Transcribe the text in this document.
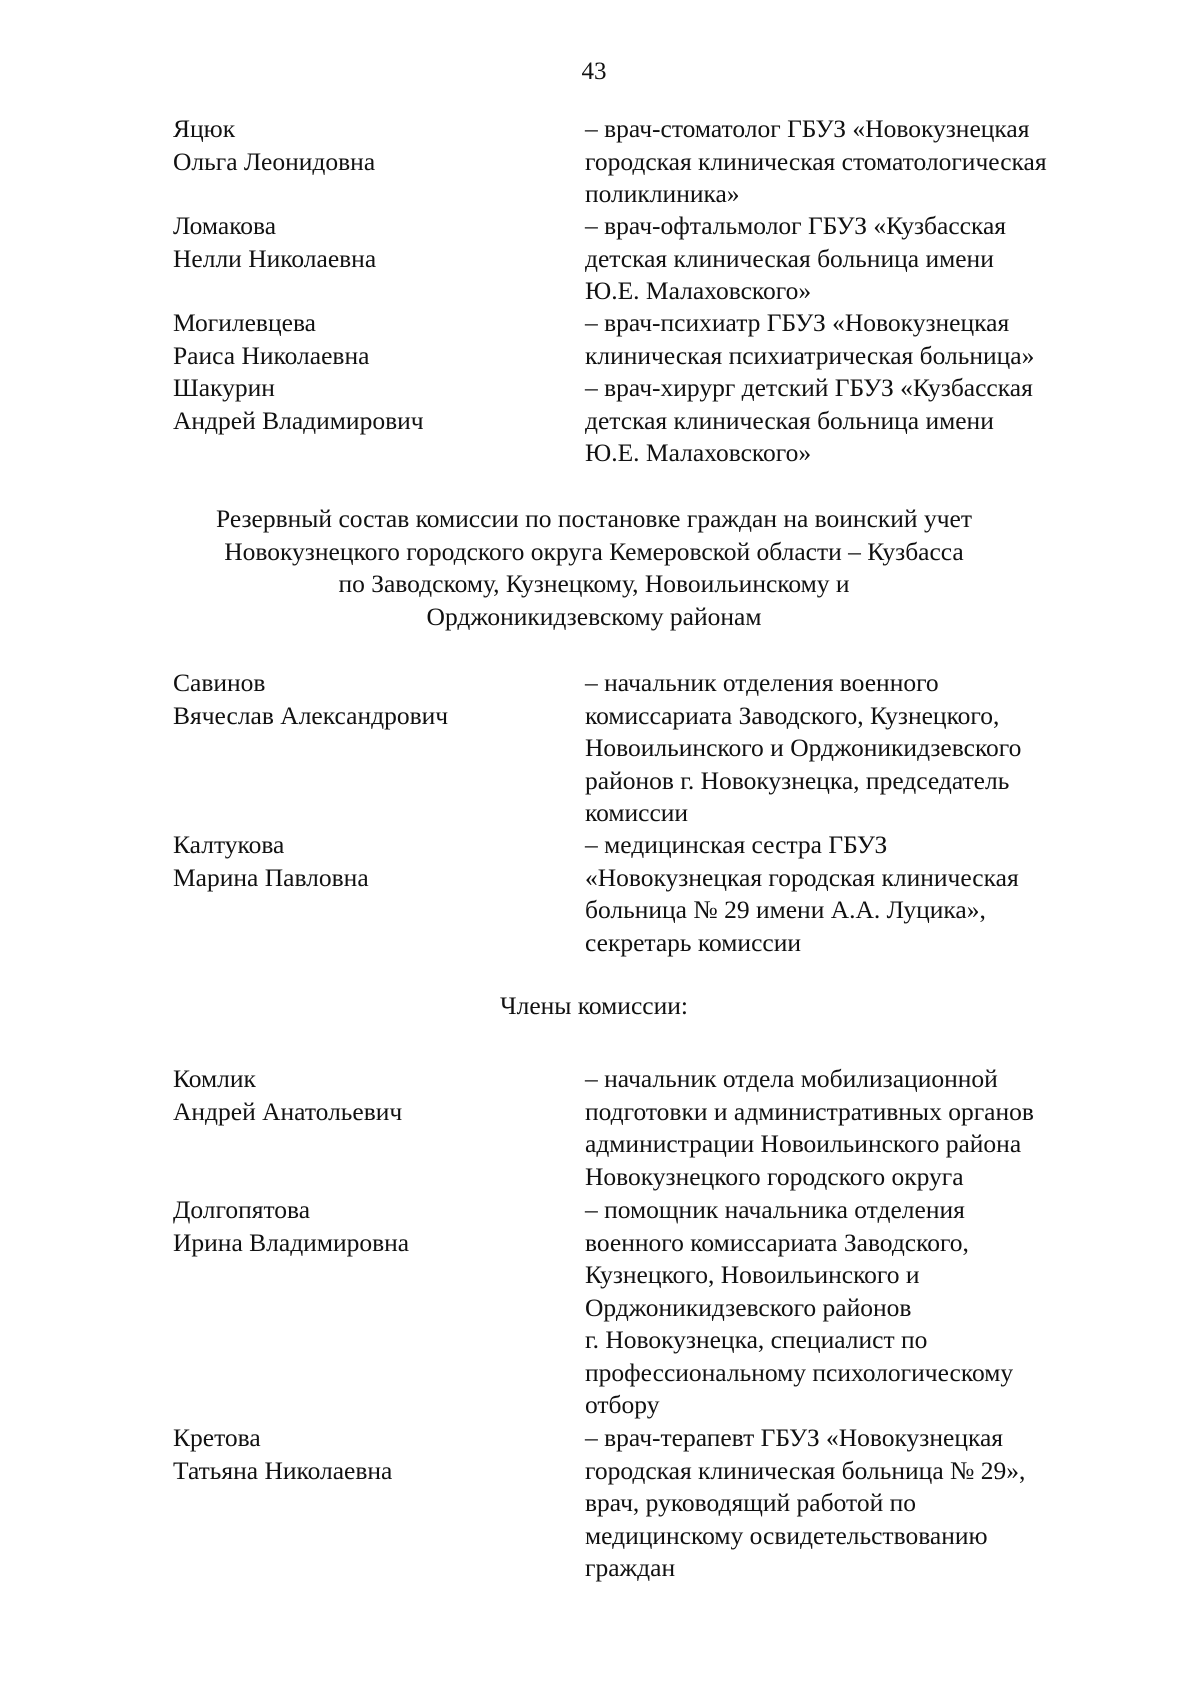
43
Яцюк
Ольга Леонидовна
– врач-стоматолог ГБУЗ «Новокузнецкая
городская клиническая стоматологическая
поликлиника»
Ломакова
Нелли Николаевна
– врач-офтальмолог ГБУЗ «Кузбасская
детская клиническая больница имени
Ю.Е. Малаховского»
Могилевцева
Раиса Николаевна
– врач-психиатр ГБУЗ «Новокузнецкая
клиническая психиатрическая больница»
Шакурин
Андрей Владимирович
– врач-хирург детский ГБУЗ «Кузбасская
детская клиническая больница имени
Ю.Е. Малаховского»
Резервный состав комиссии по постановке граждан на воинский учет
Новокузнецкого городского округа Кемеровской области – Кузбасса
по Заводскому, Кузнецкому, Новоильинскому и
Орджоникидзевскому районам
Савинов
Вячеслав Александрович
– начальник отделения военного
комиссариата Заводского, Кузнецкого,
Новоильинского и Орджоникидзевского
районов г. Новокузнецка, председатель
комиссии
Калтукова
Марина Павловна
– медицинская сестра ГБУЗ
«Новокузнецкая городская клиническая
больница № 29 имени А.А. Луцика»,
секретарь комиссии
Члены комиссии:
Комлик
Андрей Анатольевич
– начальник отдела мобилизационной
подготовки и административных органов
администрации Новоильинского района
Новокузнецкого городского округа
Долгопятова
Ирина Владимировна
– помощник начальника отделения
военного комиссариата Заводского,
Кузнецкого, Новоильинского и
Орджоникидзевского районов
г. Новокузнецка, специалист по
профессиональному психологическому
отбору
Кретова
Татьяна Николаевна
– врач-терапевт ГБУЗ «Новокузнецкая
городская клиническая больница № 29»,
врач, руководящий работой по
медицинскому освидетельствованию
граждан
